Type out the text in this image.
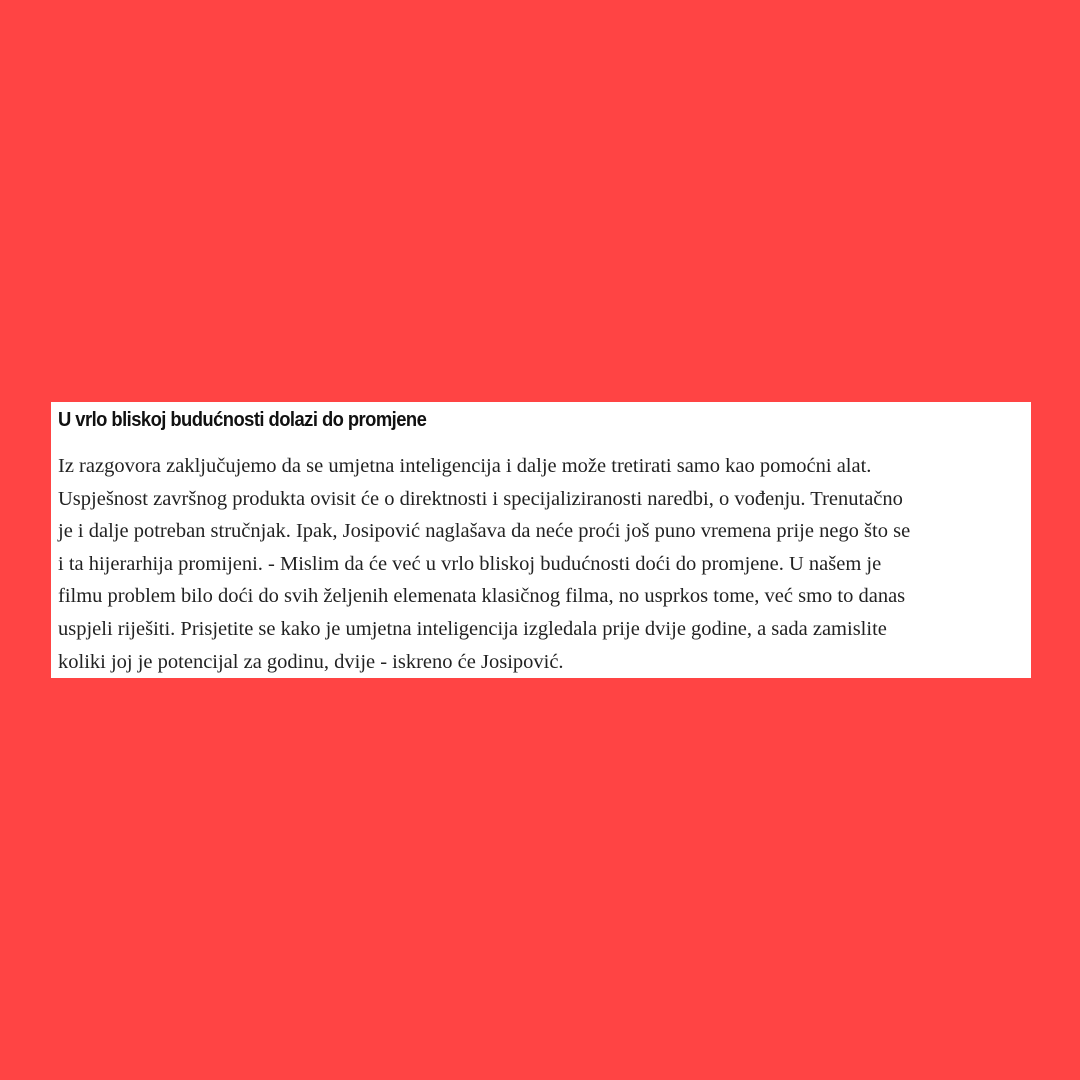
U vrlo bliskoj budućnosti dolazi do promjene
Iz razgovora zaključujemo da se umjetna inteligencija i dalje može tretirati samo kao pomoćni alat.
Uspješnost završnog produkta ovisit će o direktnosti i specijaliziranosti naredbi, o vođenju. Trenutačno
je i dalje potreban stručnjak. Ipak, Josipović naglašava da neće proći još puno vremena prije nego što se
i ta hijerarhija promijeni. - Mislim da će već u vrlo bliskoj budućnosti doći do promjene. U našem je
filmu problem bilo doći do svih željenih elemenata klasičnog filma, no usprkos tome, već smo to danas
uspjeli riješiti. Prisjetite se kako je umjetna inteligencija izgledala prije dvije godine, a sada zamislite
koliki joj je potencijal za godinu, dvije - iskreno će Josipović.
